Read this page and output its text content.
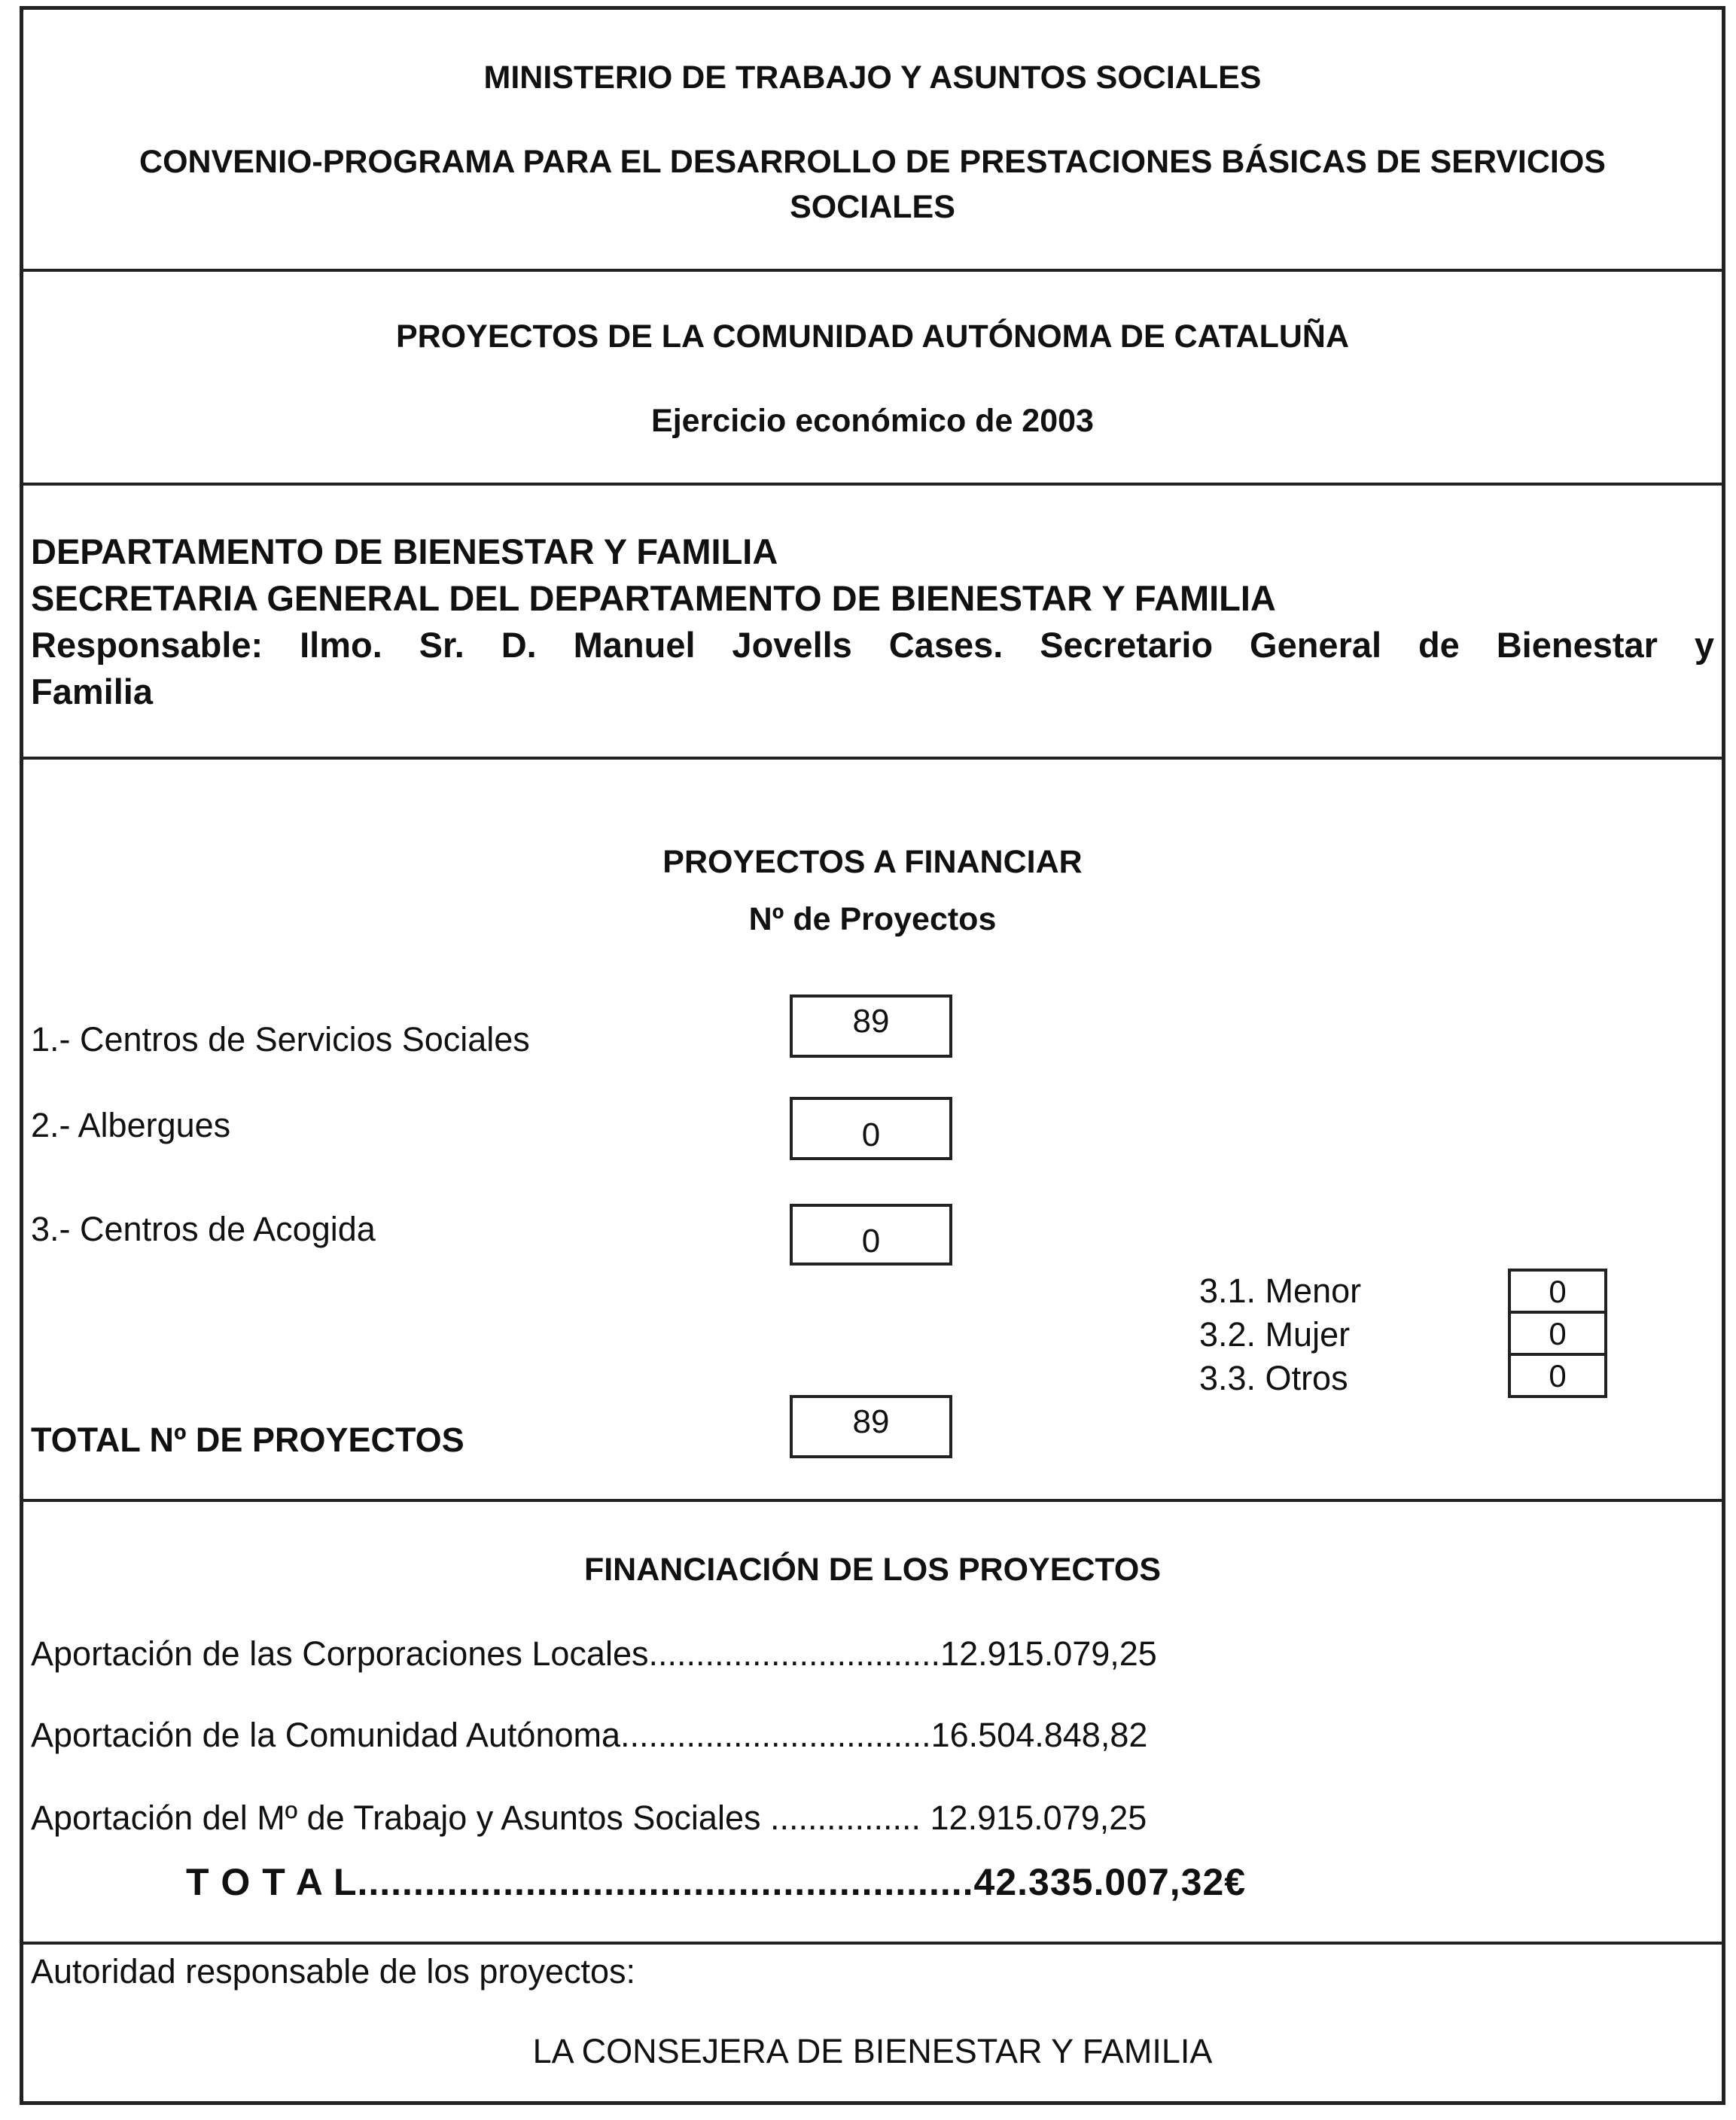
MINISTERIO DE TRABAJO Y ASUNTOS SOCIALES
CONVENIO-PROGRAMA PARA EL DESARROLLO DE PRESTACIONES BÁSICAS DE SERVICIOS
SOCIALES
PROYECTOS DE LA COMUNIDAD AUTÓNOMA DE CATALUÑA
Ejercicio económico de 2003
DEPARTAMENTO DE BIENESTAR Y FAMILIA
SECRETARIA GENERAL DEL DEPARTAMENTO DE BIENESTAR Y FAMILIA
Responsable: Ilmo. Sr. D. Manuel Jovells Cases. Secretario General de Bienestar y
Familia
PROYECTOS A FINANCIAR
Nº de Proyectos
1.- Centros de Servicios Sociales	89
2.- Albergues	0
3.- Centros de Acogida	0
3.1. Menor	0
3.2. Mujer	0
3.3. Otros	0
TOTAL Nº DE PROYECTOS	89
FINANCIACIÓN DE LOS PROYECTOS
Aportación de las Corporaciones Locales...............................12.915.079,25
Aportación de la Comunidad Autónoma.................................16.504.848,82
Aportación del Mº de Trabajo y Asuntos Sociales ................ 12.915.079,25
T O T A L.......................................................42.335.007,32€
Autoridad responsable de los proyectos:
LA CONSEJERA DE BIENESTAR Y FAMILIA
